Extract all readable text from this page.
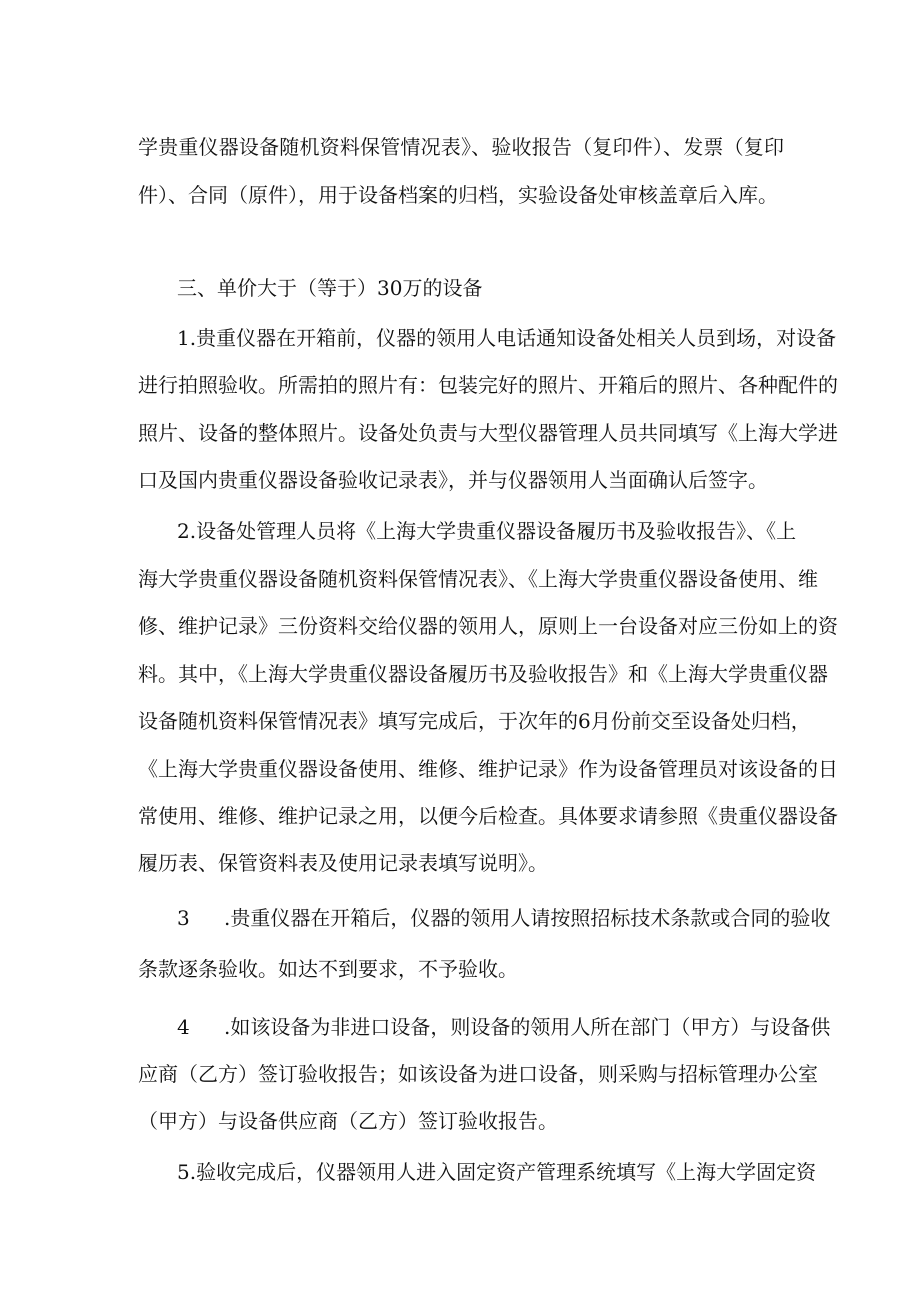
学贵重仪器设备随机资料保管情况表》、验收报告（复印件）、发票（复印

件）、合同（原件），用于设备档案的归档，实验设备处审核盖章后入库。

三、单价大于（等于）30万的设备

1.贵重仪器在开箱前，仪器的领用人电话通知设备处相关人员到场，对设备

进行拍照验收。所需拍的照片有：包装完好的照片、开箱后的照片、各种配件的

照片、设备的整体照片。设备处负责与大型仪器管理人员共同填写《上海大学进

口及国内贵重仪器设备验收记录表》，并与仪器领用人当面确认后签字。

2.设备处管理人员将《上海大学贵重仪器设备履历书及验收报告》、《上

海大学贵重仪器设备随机资料保管情况表》、《上海大学贵重仪器设备使用、维

修、维护记录》三份资料交给仪器的领用人，原则上一台设备对应三份如上的资

料。其中，《上海大学贵重仪器设备履历书及验收报告》和《上海大学贵重仪器

设备随机资料保管情况表》填写完成后，于次年的6月份前交至设备处归档，

《上海大学贵重仪器设备使用、维修、维护记录》作为设备管理员对该设备的日

常使用、维修、维护记录之用，以便今后检查。具体要求请参照《贵重仪器设备

履历表、保管资料表及使用记录表填写说明》。

3 .贵重仪器在开箱后，仪器的领用人请按照招标技术条款或合同的验收

条款逐条验收。如达不到要求，不予验收。

4 .如该设备为非进口设备，则设备的领用人所在部门（甲方）与设备供

应商（乙方）签订验收报告；如该设备为进口设备，则采购与招标管理办公室

（甲方）与设备供应商（乙方）签订验收报告。

5.验收完成后，仪器领用人进入固定资产管理系统填写《上海大学固定资
